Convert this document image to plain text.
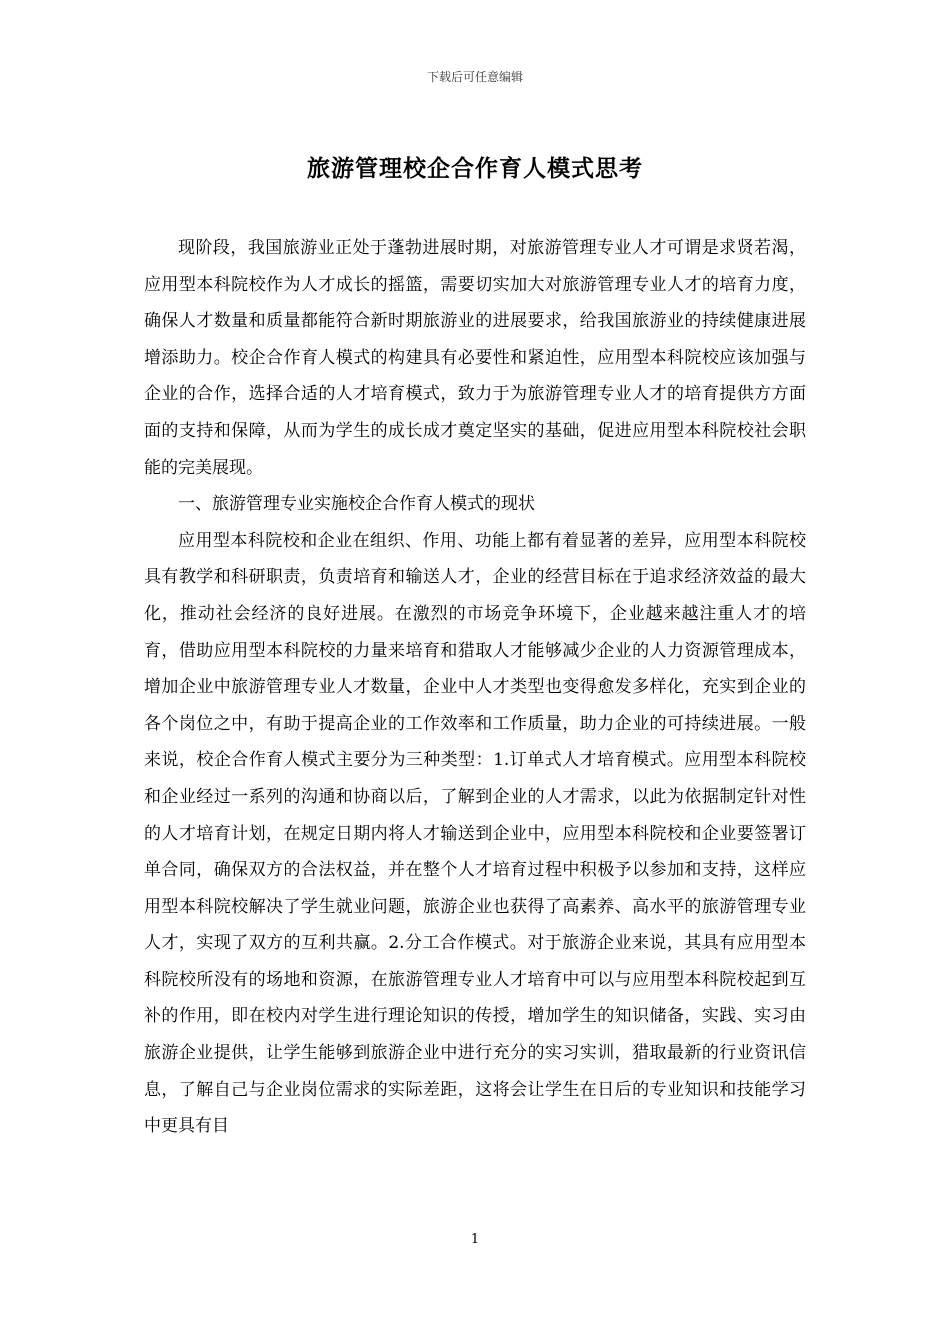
下载后可任意编辑
旅游管理校企合作育人模式思考

现阶段，我国旅游业正处于蓬勃进展时期，对旅游管理专业人才可谓是求贤若渴，应用型本科院校作为人才成长的摇篮，需要切实加大对旅游管理专业人才的培育力度，确保人才数量和质量都能符合新时期旅游业的进展要求，给我国旅游业的持续健康进展增添助力。校企合作育人模式的构建具有必要性和紧迫性，应用型本科院校应该加强与企业的合作，选择合适的人才培育模式，致力于为旅游管理专业人才的培育提供方方面面的支持和保障，从而为学生的成长成才奠定坚实的基础，促进应用型本科院校社会职能的完美展现。

一、旅游管理专业实施校企合作育人模式的现状

应用型本科院校和企业在组织、作用、功能上都有着显著的差异，应用型本科院校具有教学和科研职责，负责培育和输送人才，企业的经营目标在于追求经济效益的最大化，推动社会经济的良好进展。在激烈的市场竞争环境下，企业越来越注重人才的培育，借助应用型本科院校的力量来培育和猎取人才能够减少企业的人力资源管理成本，增加企业中旅游管理专业人才数量，企业中人才类型也变得愈发多样化，充实到企业的各个岗位之中，有助于提高企业的工作效率和工作质量，助力企业的可持续进展。一般来说，校企合作育人模式主要分为三种类型：1.订单式人才培育模式。应用型本科院校和企业经过一系列的沟通和协商以后，了解到企业的人才需求，以此为依据制定针对性的人才培育计划，在规定日期内将人才输送到企业中，应用型本科院校和企业要签署订单合同，确保双方的合法权益，并在整个人才培育过程中积极予以参加和支持，这样应用型本科院校解决了学生就业问题，旅游企业也获得了高素养、高水平的旅游管理专业人才，实现了双方的互利共赢。2.分工合作模式。对于旅游企业来说，其具有应用型本科院校所没有的场地和资源，在旅游管理专业人才培育中可以与应用型本科院校起到互补的作用，即在校内对学生进行理论知识的传授，增加学生的知识储备，实践、实习由旅游企业提供，让学生能够到旅游企业中进行充分的实习实训，猎取最新的行业资讯信息，了解自己与企业岗位需求的实际差距，这将会让学生在日后的专业知识和技能学习中更具有目

1
